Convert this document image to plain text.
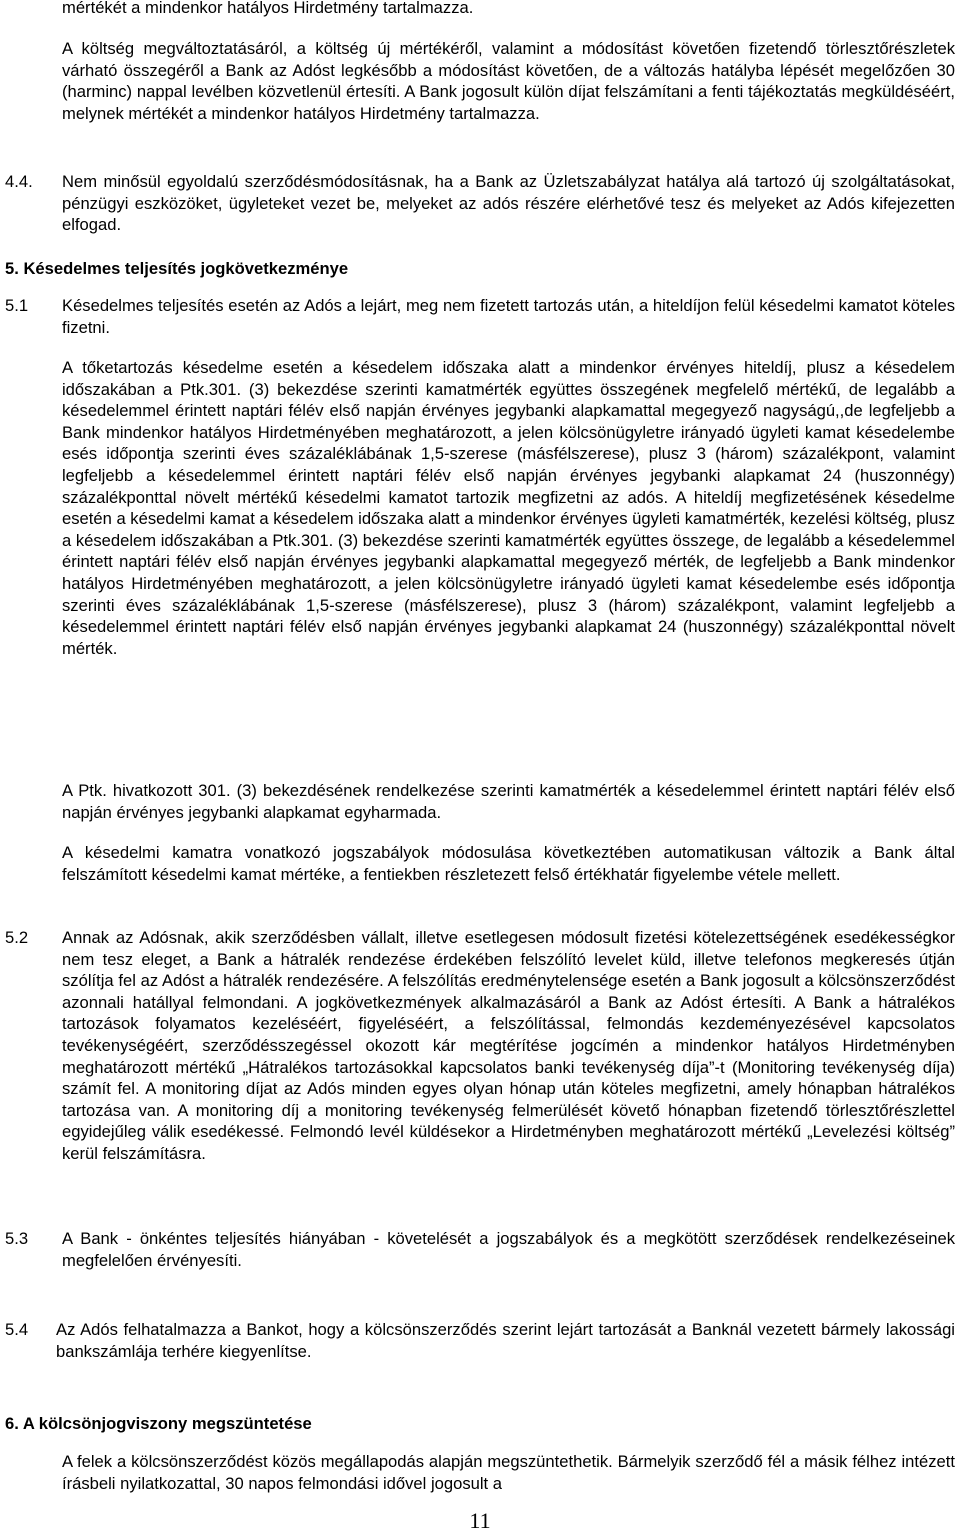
mértékét a mindenkor hatályos Hirdetmény tartalmazza.

A költség megváltoztatásáról, a költség új mértékéről, valamint a módosítást követően fizetendő törlesztőrészletek várható összegéről a Bank az Adóst legkésőbb a módosítást követően, de a változás hatályba lépését megelőzően 30 (harminc) nappal levélben közvetlenül értesíti. A Bank jogosult külön díjat felszámítani a fenti tájékoztatás megküldéséért, melynek mértékét a mindenkor hatályos Hirdetmény tartalmazza.

4.4. Nem minősül egyoldalú szerződésmódosításnak, ha a Bank az Üzletszabályzat hatálya alá tartozó új szolgáltatásokat, pénzügyi eszközöket, ügyleteket vezet be, melyeket az adós részére elérhetővé tesz és melyeket az Adós kifejezetten elfogad.

5. Késedelmes teljesítés jogkövetkezménye

5.1 Késedelmes teljesítés esetén az Adós a lejárt, meg nem fizetett tartozás után, a hiteldíjon felül késedelmi kamatot köteles fizetni.

A tőketartozás késedelme esetén a késedelem időszaka alatt a mindenkor érvényes hiteldíj, plusz a késedelem időszakában a Ptk.301. (3) bekezdése szerinti kamatmérték együttes összegének megfelelő mértékű, de legalább a késedelemmel érintett naptári félév első napján érvényes jegybanki alapkamattal megegyező nagyságú,,de legfeljebb a Bank mindenkor hatályos Hirdetményében meghatározott, a jelen kölcsönügyletre irányadó ügyleti kamat késedelembe esés időpontja szerinti éves százaléklábának 1,5-szerese (másfélszerese), plusz 3 (három) százalékpont, valamint legfeljebb a késedelemmel érintett naptári félév első napján érvényes jegybanki alapkamat 24 (huszonnégy) százalékponttal növelt mértékű késedelmi kamatot tartozik megfizetni az adós. A hiteldíj megfizetésének késedelme esetén a késedelmi kamat a késedelem időszaka alatt a mindenkor érvényes ügyleti kamatmérték, kezelési költség, plusz a késedelem időszakában a Ptk.301. (3) bekezdése szerinti kamatmérték együttes összege, de legalább a késedelemmel érintett naptári félév első napján érvényes jegybanki alapkamattal megegyező mérték, de legfeljebb a Bank mindenkor hatályos Hirdetményében meghatározott, a jelen kölcsönügyletre irányadó ügyleti kamat késedelembe esés időpontja szerinti éves százaléklábának 1,5-szerese (másfélszerese), plusz 3 (három) százalékpont, valamint legfeljebb a késedelemmel érintett naptári félév első napján érvényes jegybanki alapkamat 24 (huszonnégy) százalékponttal növelt mérték.

A Ptk. hivatkozott 301. (3) bekezdésének rendelkezése szerinti kamatmérték a késedelemmel érintett naptári félév első napján érvényes jegybanki alapkamat egyharmada.

A késedelmi kamatra vonatkozó jogszabályok módosulása következtében automatikusan változik a Bank által felszámított késedelmi kamat mértéke, a fentiekben részletezett felső értékhatár figyelembe vétele mellett.

5.2 Annak az Adósnak, akik szerződésben vállalt, illetve esetlegesen módosult fizetési kötelezettségének esedékességkor nem tesz eleget, a Bank a hátralék rendezése érdekében felszólító levelet küld, illetve telefonos megkeresés útján szólítja fel az Adóst a hátralék rendezésére. A felszólítás eredménytelensége esetén a Bank jogosult a kölcsönszerződést azonnali hatállyal felmondani. A jogkövetkezmények alkalmazásáról a Bank az Adóst értesíti. A Bank a hátralékos tartozások folyamatos kezeléséért, figyeléséért, a felszólítással, felmondás kezdeményezésével kapcsolatos tevékenységéért, szerződésszegéssel okozott kár megtérítése jogcímén a mindenkor hatályos Hirdetményben meghatározott mértékű „Hátralékos tartozásokkal kapcsolatos banki tevékenység díja”-t (Monitoring tevékenység díja) számít fel. A monitoring díjat az Adós minden egyes olyan hónap után köteles megfizetni, amely hónapban hátralékos tartozása van. A monitoring díj a monitoring tevékenység felmerülését követő hónapban fizetendő törlesztőrészlettel egyidejűleg válik esedékessé. Felmondó levél küldésekor a Hirdetményben meghatározott mértékű „Levelezési költség” kerül felszámításra.

5.3 A Bank - önkéntes teljesítés hiányában - követelését a jogszabályok és a megkötött szerződések rendelkezéseinek megfelelően érvényesíti.

5.4 Az Adós felhatalmazza a Bankot, hogy a kölcsönszerződés szerint lejárt tartozását a Banknál vezetett bármely lakossági bankszámlája terhére kiegyenlítse.

6. A kölcsönjogviszony megszüntetése

A felek a kölcsönszerződést közös megállapodás alapján megszüntethetik. Bármelyik szerződő fél a másik félhez intézett írásbeli nyilatkozattal, 30 napos felmondási idővel jogosult a

11
